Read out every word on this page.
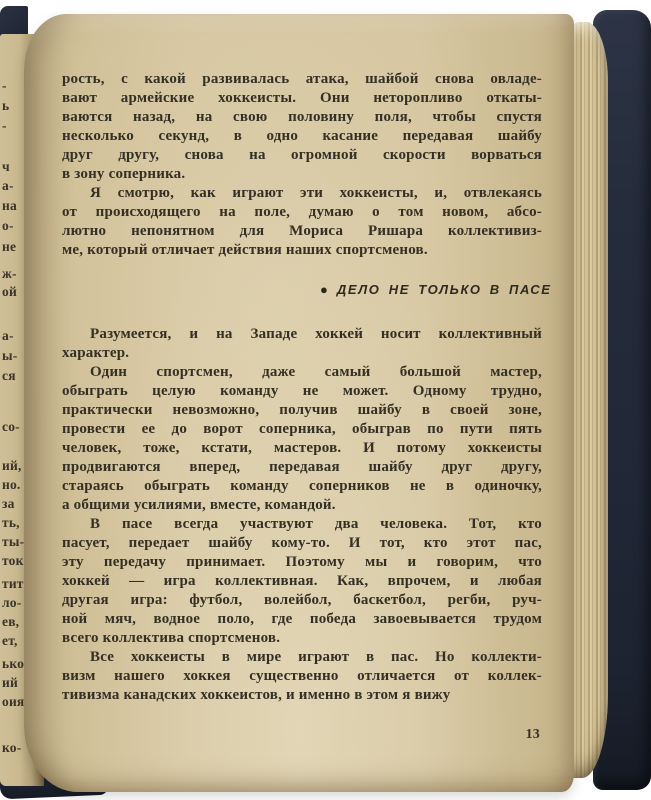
-
ь
-
ч
а-
на
о-
не
ж-
ой
а-
ы-
ся
со-
ий,
но.
за
ть,
ты-
ток
тит
ло-
ев,
ет,
ько
ий
оия
ко-
рость, с какой развивалась атака, шайбой снова овладе-
вают армейские хоккеисты. Они неторопливо откаты-
ваются назад, на свою половину поля, чтобы спустя
несколько секунд, в одно касание передавая шайбу
друг другу, снова на огромной скорости ворваться
в зону соперника.
Я смотрю, как играют эти хоккеисты, и, отвлекаясь
от происходящего на поле, думаю о том новом, абсо-
лютно непонятном для Мориса Ришара коллективиз-
ме, который отличает действия наших спортсменов.
● ДЕЛО НЕ ТОЛЬКО В ПАСЕ
Разумеется, и на Западе хоккей носит коллективный
характер.
Один спортсмен, даже самый большой мастер,
обыграть целую команду не может. Одному трудно,
практически невозможно, получив шайбу в своей зоне,
провести ее до ворот соперника, обыграв по пути пять
человек, тоже, кстати, мастеров. И потому хоккеисты
продвигаются вперед, передавая шайбу друг другу,
стараясь обыграть команду соперников не в одиночку,
а общими усилиями, вместе, командой.
В пасе всегда участвуют два человека. Тот, кто
пасует, передает шайбу кому-то. И тот, кто этот пас,
эту передачу принимает. Поэтому мы и говорим, что
хоккей — игра коллективная. Как, впрочем, и любая
другая игра: футбол, волейбол, баскетбол, регби, руч-
ной мяч, водное поло, где победа завоевывается трудом
всего коллектива спортсменов.
Все хоккеисты в мире играют в пас. Но коллекти-
визм нашего хоккея существенно отличается от коллек-
тивизма канадских хоккеистов, и именно в этом я вижу
13
